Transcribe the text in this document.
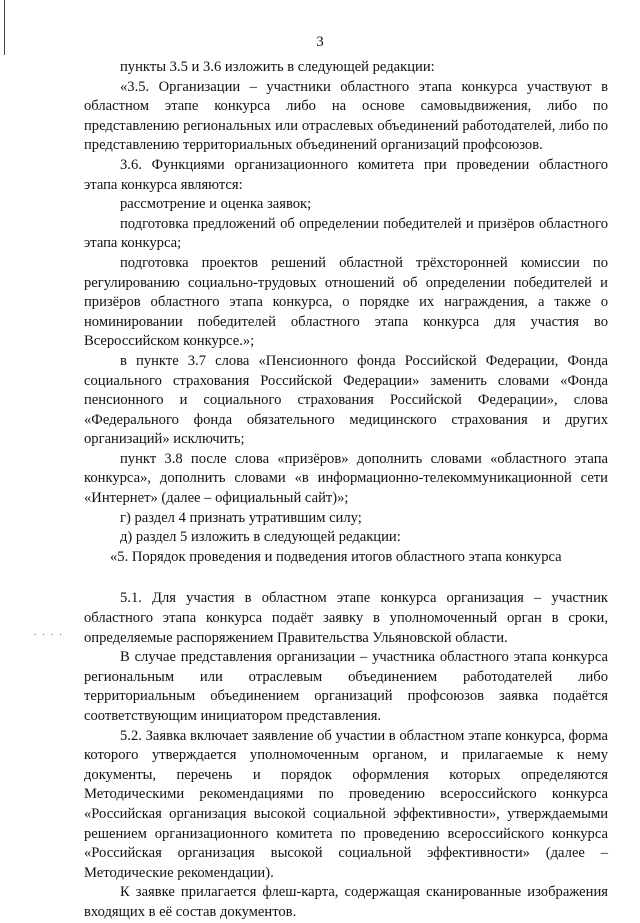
. . . .
3

пункты 3.5 и 3.6 изложить в следующей редакции:

«3.5. Организации – участники областного этапа конкурса участвуют в областном этапе конкурса либо на основе самовыдвижения, либо по представлению региональных или отраслевых объединений работодателей, либо по представлению территориальных объединений организаций профсоюзов.

3.6. Функциями организационного комитета при проведении областного этапа конкурса являются:

рассмотрение и оценка заявок;

подготовка предложений об определении победителей и призёров областного этапа конкурса;

подготовка проектов решений областной трёхсторонней комиссии по регулированию социально-трудовых отношений об определении победителей и призёров областного этапа конкурса, о порядке их награждения, а также о номинировании победителей областного этапа конкурса для участия во Всероссийском конкурсе.»;

в пункте 3.7 слова «Пенсионного фонда Российской Федерации, Фонда социального страхования Российской Федерации» заменить словами «Фонда пенсионного и социального страхования Российской Федерации», слова «Федерального фонда обязательного медицинского страхования и других организаций» исключить;

пункт 3.8 после слова «призёров» дополнить словами «областного этапа конкурса», дополнить словами «в информационно-телекоммуникационной сети «Интернет» (далее – официальный сайт)»;

г) раздел 4 признать утратившим силу;

д) раздел 5 изложить в следующей редакции:

«5. Порядок проведения и подведения итогов областного этапа конкурса

5.1. Для участия в областном этапе конкурса организация – участник областного этапа конкурса подаёт заявку в уполномоченный орган в сроки, определяемые распоряжением Правительства Ульяновской области.

В случае представления организации – участника областного этапа конкурса региональным или отраслевым объединением работодателей либо территориальным объединением организаций профсоюзов заявка подаётся соответствующим инициатором представления.

5.2. Заявка включает заявление об участии в областном этапе конкурса, форма которого утверждается уполномоченным органом, и прилагаемые к нему документы, перечень и порядок оформления которых определяются Методическими рекомендациями по проведению всероссийского конкурса «Российская организация высокой социальной эффективности», утверждаемыми решением организационного комитета по проведению всероссийского конкурса «Российская организация высокой социальной эффективности» (далее – Методические рекомендации).

К заявке прилагается флеш-карта, содержащая сканированные изображения входящих в её состав документов.
